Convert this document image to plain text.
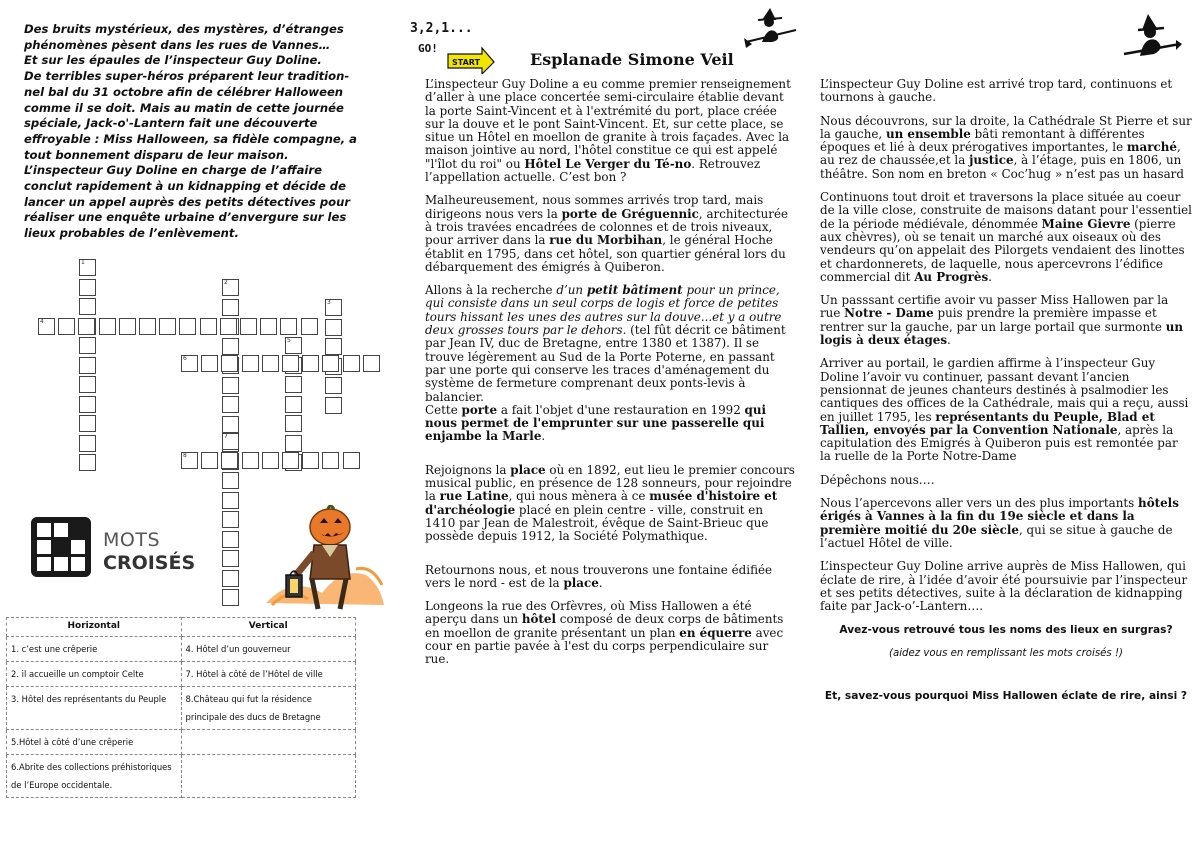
Des bruits mystérieux, des mystères, d’étranges

phénomènes pèsent dans les rues de Vannes…

Et sur les épaules de l’inspecteur Guy Doline.

De terribles super-héros préparent leur tradition-

nel bal du 31 octobre afin de célébrer Halloween

comme il se doit. Mais au matin de cette journée

spéciale, Jack-o'-Lantern fait une découverte

effroyable : Miss Halloween, sa fidèle compagne, a

tout bonnement disparu de leur maison.

L’inspecteur Guy Doline en charge de l’affaire

conclut rapidement à un kidnapping et décide de

lancer un appel auprès des petits détectives pour

réaliser une enquête urbaine d’envergure sur les

lieux probables de l’enlèvement.

1
2
3
4
5
6
7
8
MOTS
CROISÉS
Horizontal	Vertical
1. c’est une crêperie	4. Hôtel d’un gouverneur
2. il accueille un comptoir Celte	7. Hôtel à côté de l’Hôtel de ville
3. Hôtel des représentants du Peuple	8.Château qui fut la résidence principale des ducs de Bretagne
5.Hôtel à côté d’une crêperie	
6.Abrite des collections préhistoriques de l’Europe occidentale.	
3,2,1...
GO!
START	Esplanade Simone Veil

L’inspecteur Guy Doline a eu comme premier renseignement d’aller à une place concertée semi-circulaire établie devant la porte Saint-Vincent et à l'extrémité du port, place créée sur la douve et le pont Saint-Vincent. Et, sur cette place, se situe un Hôtel en moellon de granite à trois façades. Avec la maison jointive au nord, l'hôtel constitue ce qui est appelé "l'îlot du roi" ou Hôtel Le Verger du Té-no. Retrouvez l’appellation actuelle. C’est bon ?

Malheureusement, nous sommes arrivés trop tard, mais dirigeons nous vers la porte de Gréguennic, architecturée à trois travées encadrées de colonnes et de trois niveaux, pour arriver dans la rue du Morbihan, le général Hoche établit en 1795, dans cet hôtel, son quartier général lors du débarquement des émigrés à Quiberon.

Allons à la recherche d’un petit bâtiment pour un prince, qui consiste dans un seul corps de logis et force de petites tours hissant les unes des autres sur la douve...et y a outre deux grosses tours par le dehors. (tel fût décrit ce bâtiment par Jean IV, duc de Bretagne, entre 1380 et 1387). Il se trouve légèrement au Sud de la Porte Poterne, en passant par une porte qui conserve les traces d'aménagement du système de fermeture comprenant deux ponts-levis à balancier.
Cette porte a fait l'objet d'une restauration en 1992 qui nous permet de l'emprunter sur une passerelle qui enjambe la Marle.

Rejoignons la place où en 1892, eut lieu le premier concours musical public, en présence de 128 sonneurs, pour rejoindre la rue Latine, qui nous mènera à ce musée d'histoire et d'archéologie placé en plein centre - ville, construit en 1410 par Jean de Malestroit, évêque de Saint-Brieuc que possède depuis 1912, la Société Polymathique.

Retournons nous, et nous trouverons une fontaine édifiée vers le nord - est de la place.

Longeons la rue des Orfèvres, où Miss Hallowen a été aperçu dans un hôtel composé de deux corps de bâtiments en moellon de granite présentant un plan en équerre avec cour en partie pavée à l'est du corps perpendiculaire sur rue.

L’inspecteur Guy Doline est arrivé trop tard, continuons et tournons à gauche.

Nous découvrons, sur la droite, la Cathédrale St Pierre et sur la gauche, un ensemble bâti remontant à différentes époques et lié à deux prérogatives importantes, le marché, au rez de chaussée,et la justice, à l’étage, puis en 1806, un théâtre. Son nom en breton « Coc’hug » n’est pas un hasard

Continuons tout droit et traversons la place située au coeur de la ville close, construite de maisons datant pour l'essentiel de la période médiévale, dénommée Maine Gievre (pierre aux chèvres), où se tenait un marché aux oiseaux où des vendeurs qu’on appelait des Pilorgets vendaient des linottes et chardonnerets, de laquelle, nous apercevrons l’édifice commercial dit Au Progrès.

Un passsant certifie avoir vu passer Miss Hallowen par la rue Notre - Dame puis prendre la première impasse et rentrer sur la gauche, par un large portail que surmonte un logis à deux étages.

Arriver au portail, le gardien affirme à l’inspecteur Guy Doline l’avoir vu continuer, passant devant l’ancien pensionnat de jeunes chanteurs destinés à psalmodier les cantiques des offices de la Cathédrale, mais qui a reçu, aussi en juillet 1795, les représentants du Peuple, Blad et Tallien, envoyés par la Convention Nationale, après la capitulation des Emigrés à Quiberon puis est remontée par la ruelle de la Porte Notre-Dame

Dépêchons nous….

Nous l’apercevons aller vers un des plus importants hôtels érigés à Vannes à la fin du 19e siècle et dans la première moitié du 20e siècle, qui se situe à gauche de l’actuel Hôtel de ville.

L’inspecteur Guy Doline arrive auprès de Miss Hallowen, qui éclate de rire, à l’idée d’avoir été poursuivie par l’inspecteur et ses petits détectives, suite à la déclaration de kidnapping faite par Jack-o’-Lantern….

Avez-vous retrouvé tous les noms des lieux en surgras?

(aidez vous en remplissant les mots croisés !)

Et, savez-vous pourquoi Miss Hallowen éclate de rire, ainsi ?
